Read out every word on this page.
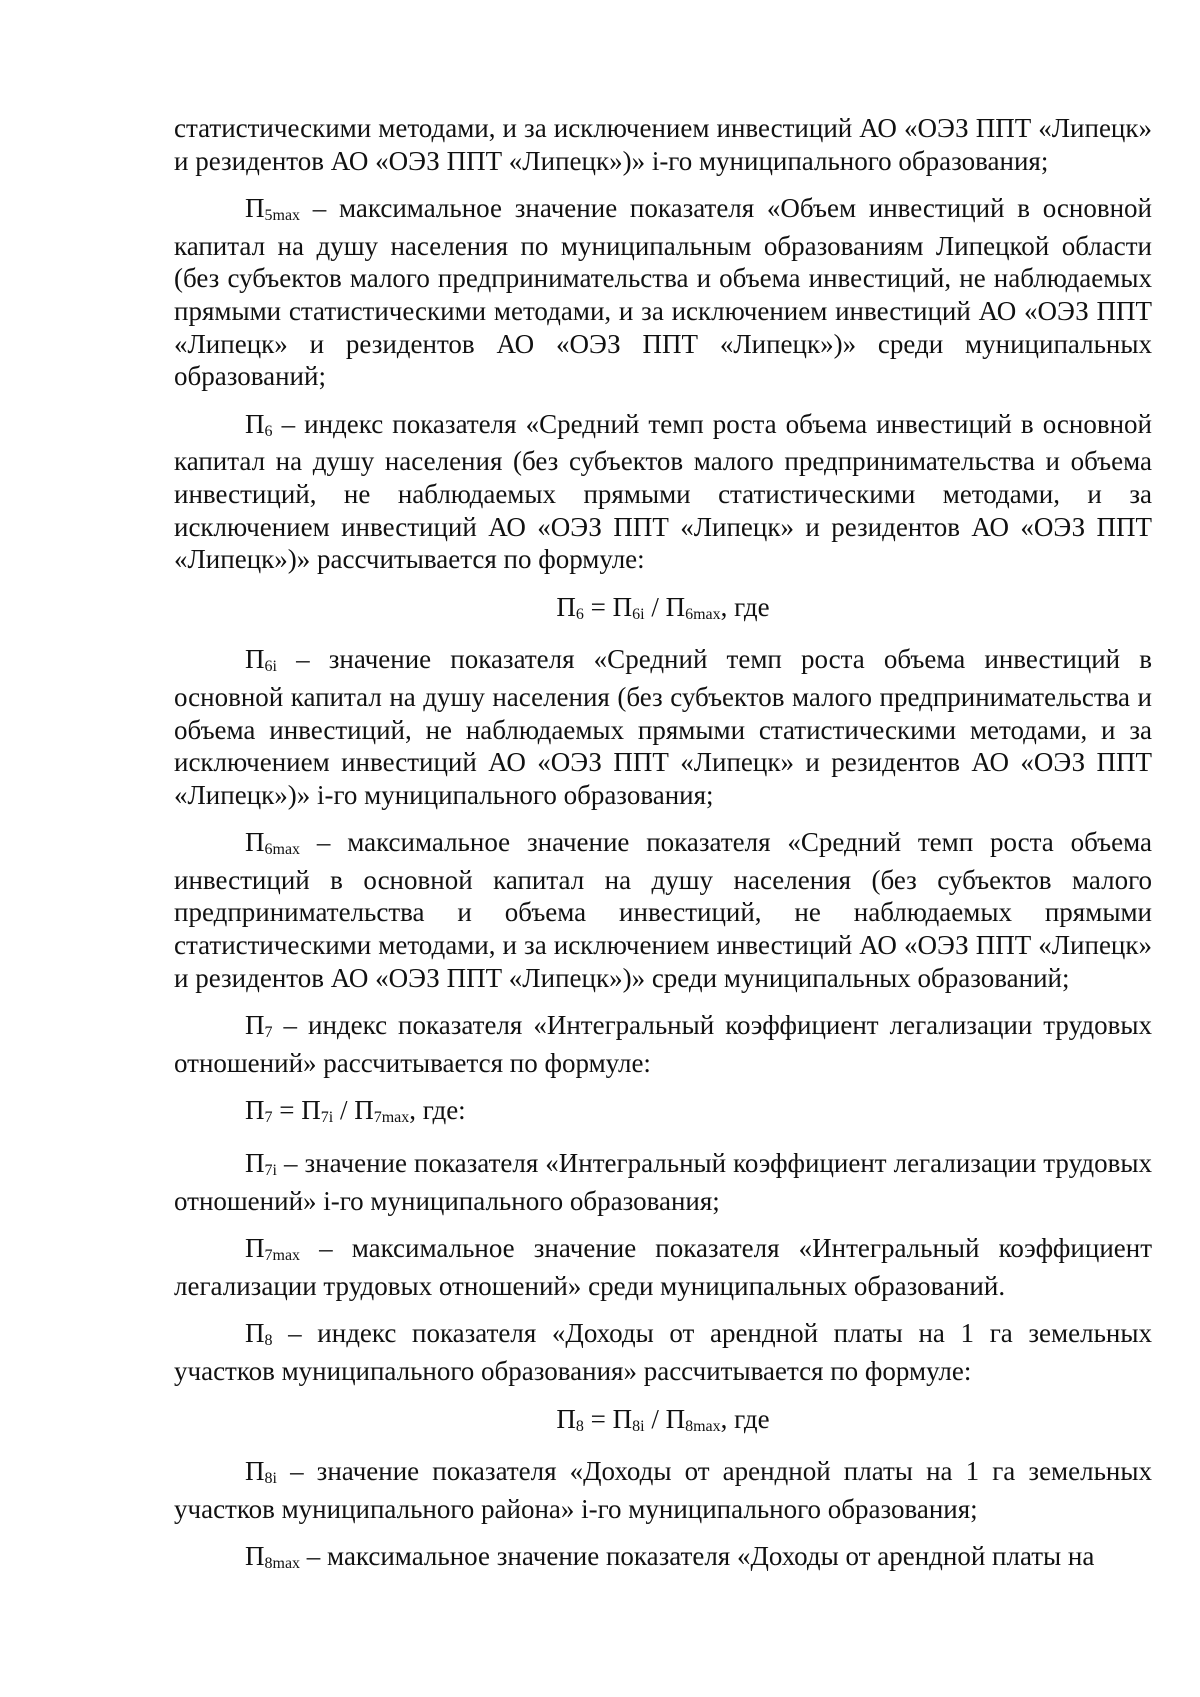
статистическими методами, и за исключением инвестиций АО «ОЭЗ ППТ «Липецк» и резидентов АО «ОЭЗ ППТ «Липецк»)» i-го муниципального образования;

П5max – максимальное значение показателя «Объем инвестиций в основной капитал на душу населения по муниципальным образованиям Липецкой области (без субъектов малого предпринимательства и объема инвестиций, не наблюдаемых прямыми статистическими методами, и за исключением инвестиций АО «ОЭЗ ППТ «Липецк» и резидентов АО «ОЭЗ ППТ «Липецк»)» среди муниципальных образований;

П6 – индекс показателя «Средний темп роста объема инвестиций в основной капитал на душу населения (без субъектов малого предпринимательства и объема инвестиций, не наблюдаемых прямыми статистическими методами, и за исключением инвестиций АО «ОЭЗ ППТ «Липецк» и резидентов АО «ОЭЗ ППТ «Липецк»)» рассчитывается по формуле:

П6 = П6i / П6max, где

П6i – значение показателя «Средний темп роста объема инвестиций в основной капитал на душу населения (без субъектов малого предпринимательства и объема инвестиций, не наблюдаемых прямыми статистическими методами, и за исключением инвестиций АО «ОЭЗ ППТ «Липецк» и резидентов АО «ОЭЗ ППТ «Липецк»)» i-го муниципального образования;

П6max – максимальное значение показателя «Средний темп роста объема инвестиций в основной капитал на душу населения (без субъектов малого предпринимательства и объема инвестиций, не наблюдаемых прямыми статистическими методами, и за исключением инвестиций АО «ОЭЗ ППТ «Липецк» и резидентов АО «ОЭЗ ППТ «Липецк»)» среди муниципальных образований;

П7 – индекс показателя «Интегральный коэффициент легализации трудовых отношений» рассчитывается по формуле:

П7 = П7i / П7max, где:

П7i – значение показателя «Интегральный коэффициент легализации трудовых отношений» i-го муниципального образования;

П7max – максимальное значение показателя «Интегральный коэффициент легализации трудовых отношений» среди муниципальных образований.

П8 – индекс показателя «Доходы от арендной платы на 1 га земельных участков муниципального образования» рассчитывается по формуле:

П8 = П8i / П8max, где

П8i – значение показателя «Доходы от арендной платы на 1 га земельных участков муниципального района» i-го муниципального образования;

П8max – максимальное значение показателя «Доходы от арендной платы на
